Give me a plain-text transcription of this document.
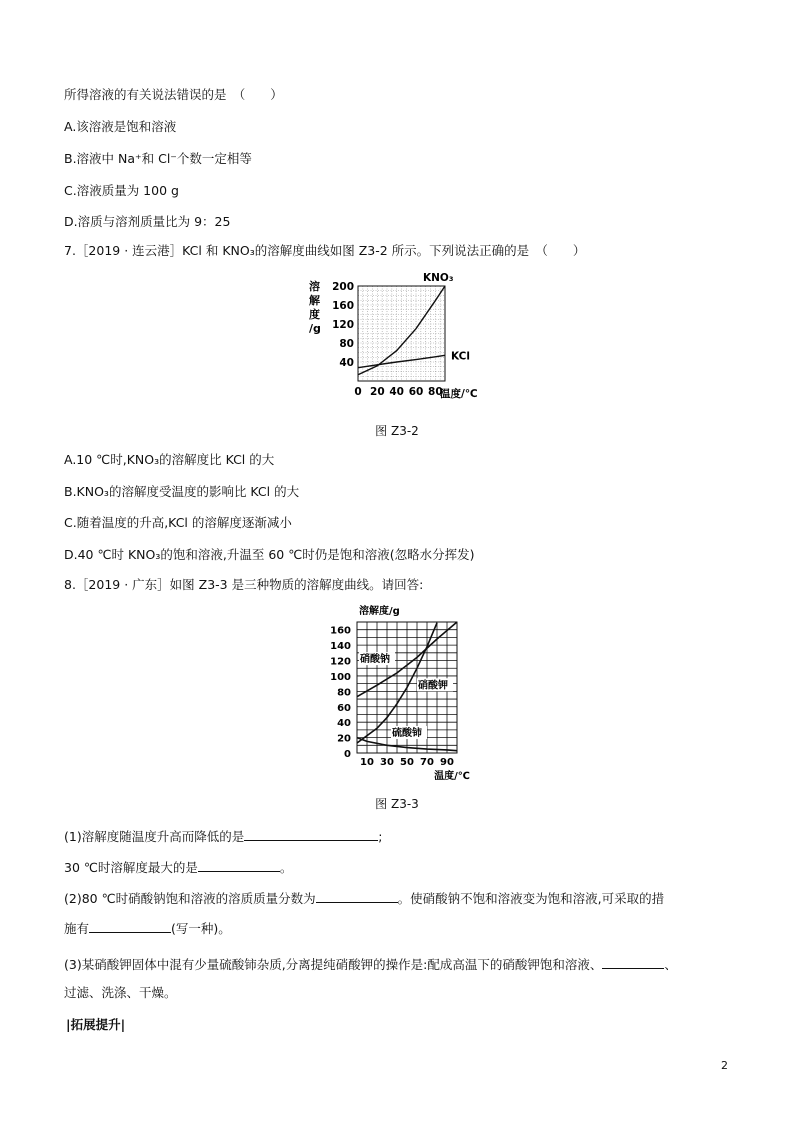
所得溶液的有关说法错误的是　（　　）
A.该溶液是饱和溶液
B.溶液中 Na⁺和 Cl⁻个数一定相等
C.溶液质量为 100 g
D.溶质与溶剂质量比为 9：25
7.［2019 · 连云港］KCl 和 KNO₃的溶解度曲线如图 Z3-2 所示。下列说法正确的是　（　　）
溶
解
度
/g
200
160
120
80
40
0 20 40 60 80
温度/℃
KNO₃
KCl
图 Z3-2
A.10 ℃时,KNO₃的溶解度比 KCl 的大
B.KNO₃的溶解度受温度的影响比 KCl 的大
C.随着温度的升高,KCl 的溶解度逐渐减小
D.40 ℃时 KNO₃的饱和溶液,升温至 60 ℃时仍是饱和溶液(忽略水分挥发)
8.［2019 · 广东］如图 Z3-3 是三种物质的溶解度曲线。请回答:
溶解度/g
160
140
120
100
80
60
40
20
0
10 30 50 70 90
温度/℃
硝酸钠
硝酸钾
硫酸铈
图 Z3-3
(1)溶解度随温度升高而降低的是	;
30 ℃时溶解度最大的是	。
(2)80 ℃时硝酸钠饱和溶液的溶质质量分数为	。使硝酸钠不饱和溶液变为饱和溶液,可采取的措
施有	(写一种)。
(3)某硝酸钾固体中混有少量硫酸铈杂质,分离提纯硝酸钾的操作是:配成高温下的硝酸钾饱和溶液、	、
过滤、洗涤、干燥。
|拓展提升|
2
